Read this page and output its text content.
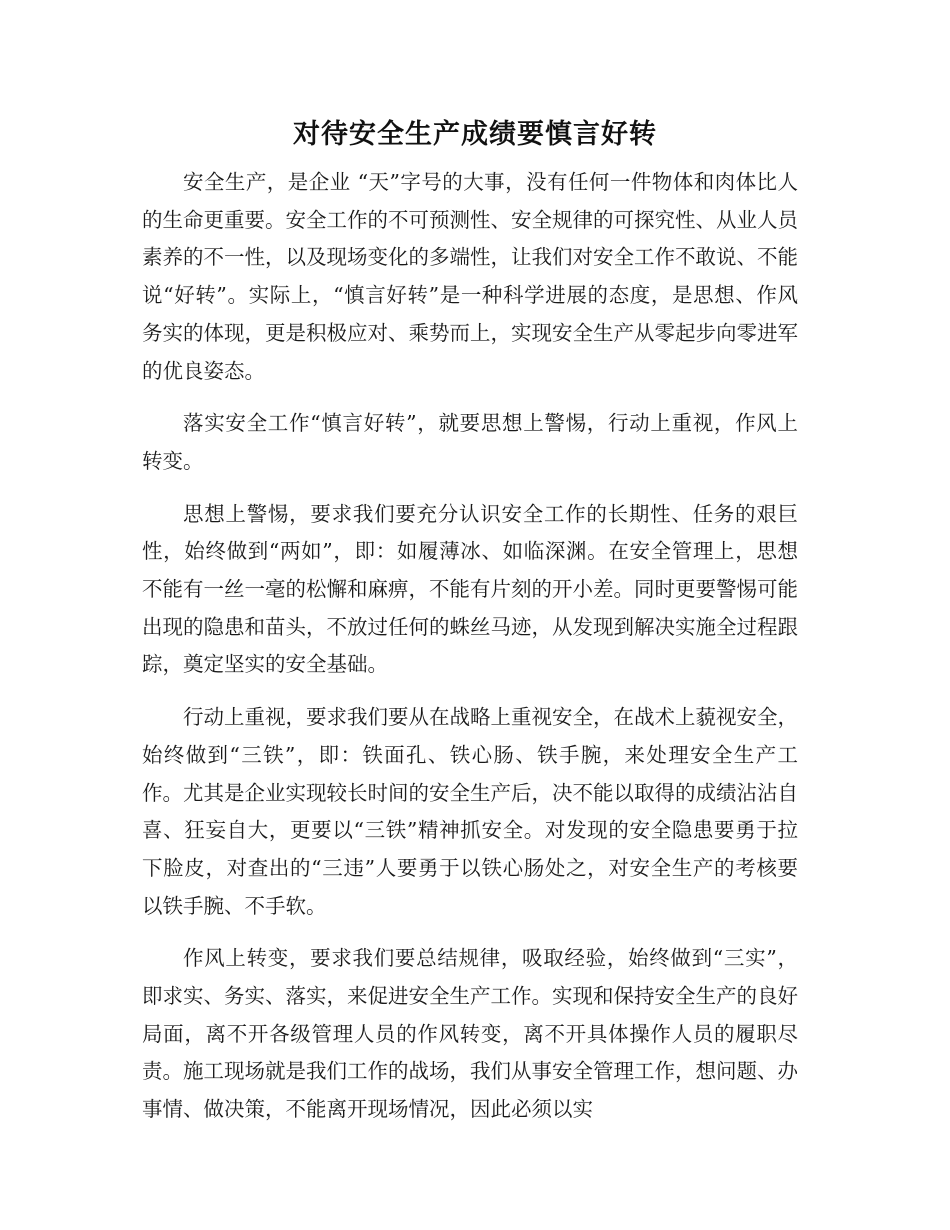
对待安全生产成绩要慎言好转

安全生产，是企业 “天”字号的大事，没有任何一件物体和肉体比人的生命更重要。安全工作的不可预测性、安全规律的可探究性、从业人员素养的不一性，以及现场变化的多端性，让我们对安全工作不敢说、不能说“好转”。实际上，“慎言好转”是一种科学进展的态度，是思想、作风务实的体现，更是积极应对、乘势而上，实现安全生产从零起步向零进军的优良姿态。

落实安全工作“慎言好转”，就要思想上警惕，行动上重视，作风上转变。

思想上警惕，要求我们要充分认识安全工作的长期性、任务的艰巨性，始终做到“两如”，即：如履薄冰、如临深渊。在安全管理上，思想不能有一丝一毫的松懈和麻痹，不能有片刻的开小差。同时更要警惕可能出现的隐患和苗头，不放过任何的蛛丝马迹，从发现到解决实施全过程跟踪，奠定坚实的安全基础。

行动上重视，要求我们要从在战略上重视安全，在战术上藐视安全，始终做到“三铁”，即：铁面孔、铁心肠、铁手腕，来处理安全生产工作。尤其是企业实现较长时间的安全生产后，决不能以取得的成绩沾沾自喜、狂妄自大，更要以“三铁”精神抓安全。对发现的安全隐患要勇于拉下脸皮，对查出的“三违”人要勇于以铁心肠处之，对安全生产的考核要以铁手腕、不手软。

作风上转变，要求我们要总结规律，吸取经验，始终做到“三实”，即求实、务实、落实，来促进安全生产工作。实现和保持安全生产的良好局面，离不开各级管理人员的作风转变，离不开具体操作人员的履职尽责。施工现场就是我们工作的战场，我们从事安全管理工作，想问题、办事情、做决策，不能离开现场情况，因此必须以实
